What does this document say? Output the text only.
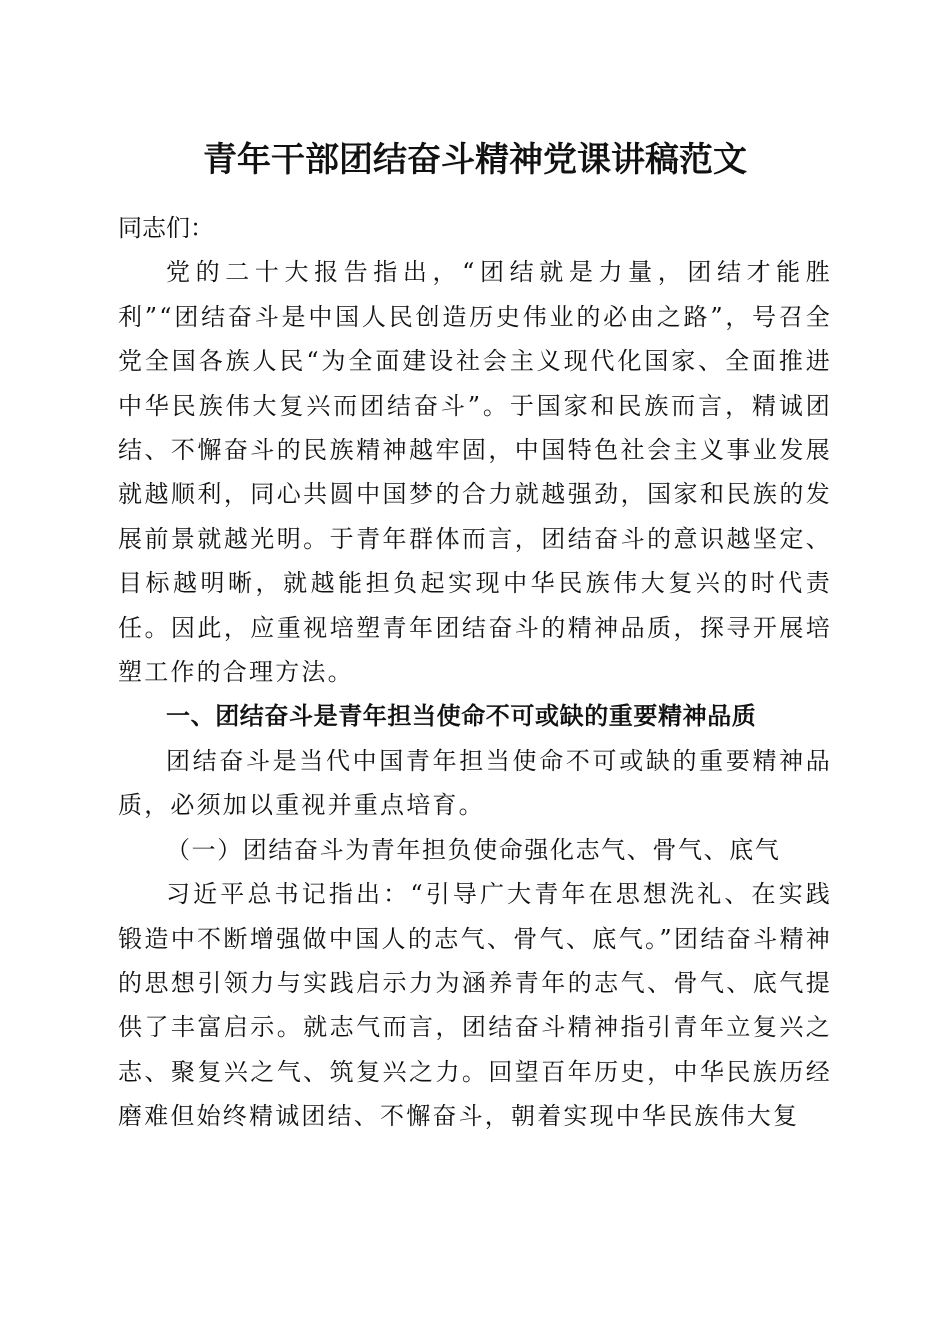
青年干部团结奋斗精神党课讲稿范文

同志们：

党的二十大报告指出，“团结就是力量，团结才能胜利”“团结奋斗是中国人民创造历史伟业的必由之路”，号召全党全国各族人民“为全面建设社会主义现代化国家、全面推进中华民族伟大复兴而团结奋斗”。于国家和民族而言，精诚团结、不懈奋斗的民族精神越牢固，中国特色社会主义事业发展就越顺利，同心共圆中国梦的合力就越强劲，国家和民族的发展前景就越光明。于青年群体而言，团结奋斗的意识越坚定、目标越明晰，就越能担负起实现中华民族伟大复兴的时代责任。因此，应重视培塑青年团结奋斗的精神品质，探寻开展培塑工作的合理方法。

一、团结奋斗是青年担当使命不可或缺的重要精神品质

团结奋斗是当代中国青年担当使命不可或缺的重要精神品质，必须加以重视并重点培育。

（一）团结奋斗为青年担负使命强化志气、骨气、底气

习近平总书记指出：“引导广大青年在思想洗礼、在实践锻造中不断增强做中国人的志气、骨气、底气。”团结奋斗精神的思想引领力与实践启示力为涵养青年的志气、骨气、底气提供了丰富启示。就志气而言，团结奋斗精神指引青年立复兴之志、聚复兴之气、筑复兴之力。回望百年历史，中华民族历经磨难但始终精诚团结、不懈奋斗，朝着实现中华民族伟大复
